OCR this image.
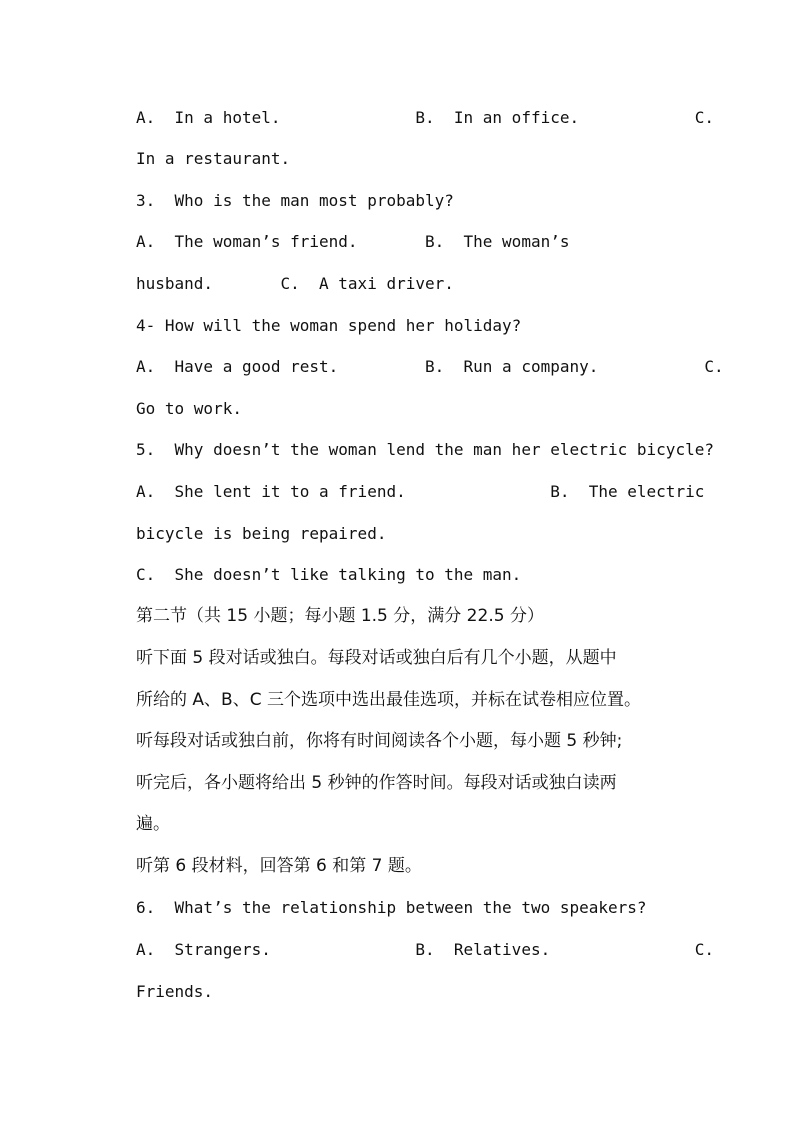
A.  In a hotel.              B.  In an office.            C.
In a restaurant.
3.  Who is the man most probably?
A.  The woman’s friend.       B.  The woman’s
husband.       C.  A taxi driver.
4- How will the woman spend her holiday?
A.  Have a good rest.         B.  Run a company.           C.
Go to work.
5.  Why doesn’t the woman lend the man her electric bicycle?
A.  She lent it to a friend.               B.  The electric
bicycle is being repaired.
C.  She doesn’t like talking to the man.
第二节（共 15 小题；每小题 1.5 分，满分 22.5 分）
听下面 5 段对话或独白。每段对话或独白后有几个小题，从题中
所给的 A、B、C 三个选项中选出最佳选项，并标在试卷相应位置。
听每段对话或独白前，你将有时间阅读各个小题，每小题 5 秒钟;
听完后，各小题将给出 5 秒钟的作答时间。每段对话或独白读两
遍。
听第 6 段材料，回答第 6 和第 7 题。
6.  What’s the relationship between the two speakers?
A.  Strangers.               B.  Relatives.               C.
Friends.
